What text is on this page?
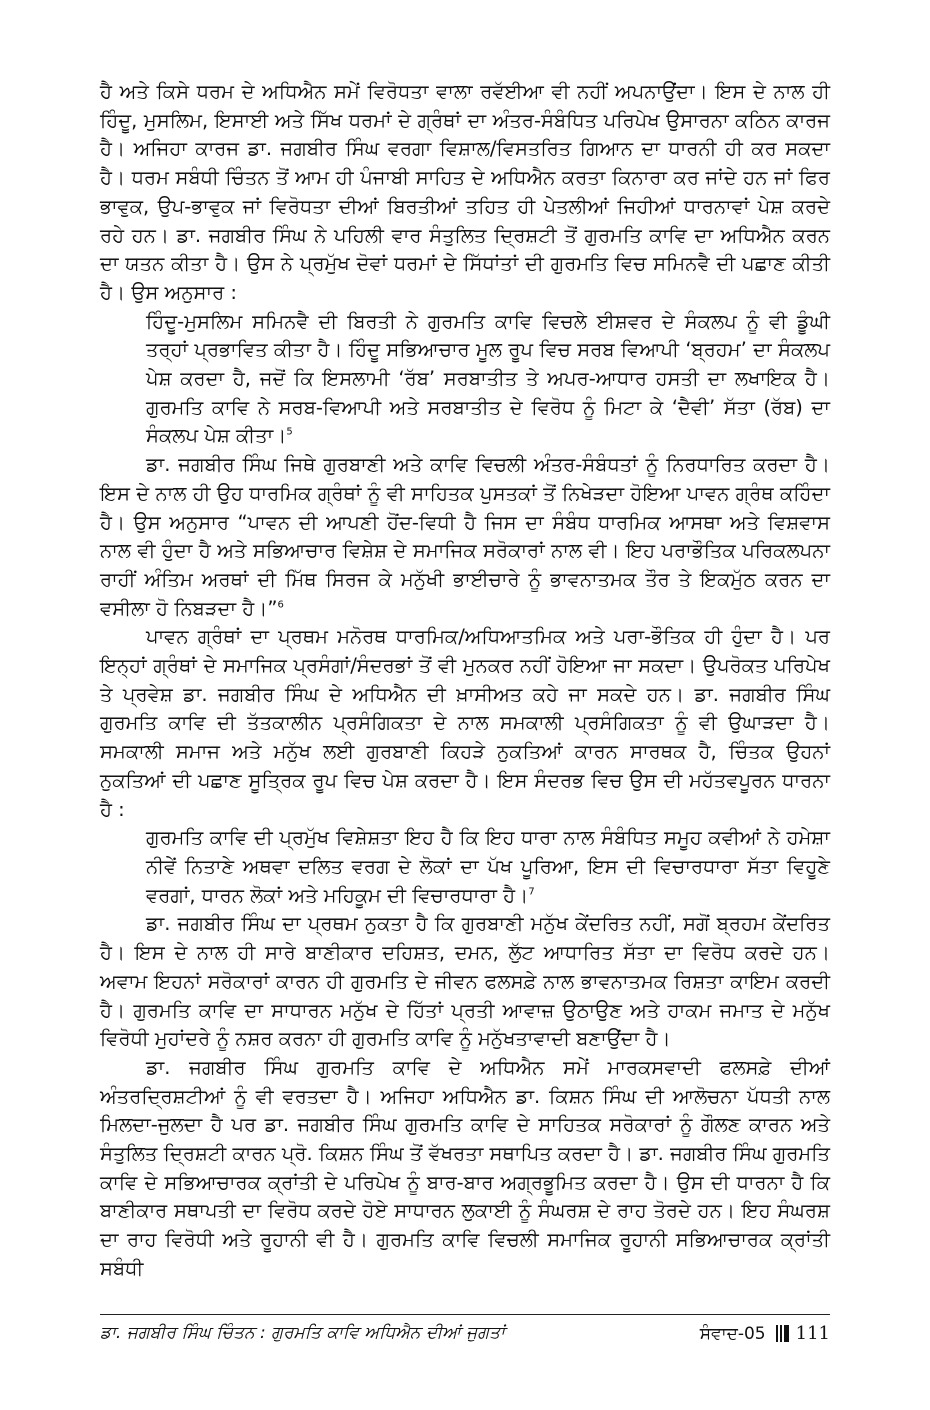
ਹੈ ਅਤੇ ਕਿਸੇ ਧਰਮ ਦੇ ਅਧਿਐਨ ਸਮੇਂ ਵਿਰੋਧਤਾ ਵਾਲਾ ਰਵੱਈਆ ਵੀ ਨਹੀਂ ਅਪਨਾਉਂਦਾ। ਇਸ ਦੇ ਨਾਲ ਹੀ ਹਿੰਦੂ, ਮੁਸਲਿਮ, ਇਸਾਈ ਅਤੇ ਸਿੱਖ ਧਰਮਾਂ ਦੇ ਗ੍ਰੰਥਾਂ ਦਾ ਅੰਤਰ-ਸੰਬੰਧਿਤ ਪਰਿਪੇਖ ਉਸਾਰਨਾ ਕਠਿਨ ਕਾਰਜ ਹੈ। ਅਜਿਹਾ ਕਾਰਜ ਡਾ. ਜਗਬੀਰ ਸਿੰਘ ਵਰਗਾ ਵਿਸ਼ਾਲ/ਵਿਸਤਰਿਤ ਗਿਆਨ ਦਾ ਧਾਰਨੀ ਹੀ ਕਰ ਸਕਦਾ ਹੈ। ਧਰਮ ਸਬੰਧੀ ਚਿੰਤਨ ਤੋਂ ਆਮ ਹੀ ਪੰਜਾਬੀ ਸਾਹਿਤ ਦੇ ਅਧਿਐਨ ਕਰਤਾ ਕਿਨਾਰਾ ਕਰ ਜਾਂਦੇ ਹਨ ਜਾਂ ਫਿਰ ਭਾਵੁਕ, ਉਪ-ਭਾਵੁਕ ਜਾਂ ਵਿਰੋਧਤਾ ਦੀਆਂ ਬਿਰਤੀਆਂ ਤਹਿਤ ਹੀ ਪੇਤਲੀਆਂ ਜਿਹੀਆਂ ਧਾਰਨਾਵਾਂ ਪੇਸ਼ ਕਰਦੇ ਰਹੇ ਹਨ। ਡਾ. ਜਗਬੀਰ ਸਿੰਘ ਨੇ ਪਹਿਲੀ ਵਾਰ ਸੰਤੁਲਿਤ ਦ੍ਰਿਸ਼ਟੀ ਤੋਂ ਗੁਰਮਤਿ ਕਾਵਿ ਦਾ ਅਧਿਐਨ ਕਰਨ ਦਾ ਯਤਨ ਕੀਤਾ ਹੈ। ਉਸ ਨੇ ਪ੍ਰਮੁੱਖ ਦੋਵਾਂ ਧਰਮਾਂ ਦੇ ਸਿੱਧਾਂਤਾਂ ਦੀ ਗੁਰਮਤਿ ਵਿਚ ਸਮਿਨਵੈ ਦੀ ਪਛਾਣ ਕੀਤੀ ਹੈ। ਉਸ ਅਨੁਸਾਰ :

ਹਿੰਦੂ-ਮੁਸਲਿਮ ਸਮਿਨਵੈ ਦੀ ਬਿਰਤੀ ਨੇ ਗੁਰਮਤਿ ਕਾਵਿ ਵਿਚਲੇ ਈਸ਼ਵਰ ਦੇ ਸੰਕਲਪ ਨੂੰ ਵੀ ਡੂੰਘੀ ਤਰ੍ਹਾਂ ਪ੍ਰਭਾਵਿਤ ਕੀਤਾ ਹੈ। ਹਿੰਦੂ ਸਭਿਆਚਾਰ ਮੂਲ ਰੂਪ ਵਿਚ ਸਰਬ ਵਿਆਪੀ ‘ਬ੍ਰਹਮ’ ਦਾ ਸੰਕਲਪ ਪੇਸ਼ ਕਰਦਾ ਹੈ, ਜਦੋਂ ਕਿ ਇਸਲਾਮੀ ‘ਰੱਬ’ ਸਰਬਾਤੀਤ ਤੇ ਅਪਰ-ਆਧਾਰ ਹਸਤੀ ਦਾ ਲਖਾਇਕ ਹੈ। ਗੁਰਮਤਿ ਕਾਵਿ ਨੇ ਸਰਬ-ਵਿਆਪੀ ਅਤੇ ਸਰਬਾਤੀਤ ਦੇ ਵਿਰੋਧ ਨੂੰ ਮਿਟਾ ਕੇ ‘ਦੈਵੀ’ ਸੱਤਾ (ਰੱਬ) ਦਾ ਸੰਕਲਪ ਪੇਸ਼ ਕੀਤਾ।$^5$

ਡਾ. ਜਗਬੀਰ ਸਿੰਘ ਜਿਥੇ ਗੁਰਬਾਣੀ ਅਤੇ ਕਾਵਿ ਵਿਚਲੀ ਅੰਤਰ-ਸੰਬੰਧਤਾਂ ਨੂੰ ਨਿਰਧਾਰਿਤ ਕਰਦਾ ਹੈ। ਇਸ ਦੇ ਨਾਲ ਹੀ ਉਹ ਧਾਰਮਿਕ ਗ੍ਰੰਥਾਂ ਨੂੰ ਵੀ ਸਾਹਿਤਕ ਪੁਸਤਕਾਂ ਤੋਂ ਨਿਖੇੜਦਾ ਹੋਇਆ ਪਾਵਨ ਗ੍ਰੰਥ ਕਹਿੰਦਾ ਹੈ। ਉਸ ਅਨੁਸਾਰ “ਪਾਵਨ ਦੀ ਆਪਣੀ ਹੋਂਦ-ਵਿਧੀ ਹੈ ਜਿਸ ਦਾ ਸੰਬੰਧ ਧਾਰਮਿਕ ਆਸਥਾ ਅਤੇ ਵਿਸ਼ਵਾਸ ਨਾਲ ਵੀ ਹੁੰਦਾ ਹੈ ਅਤੇ ਸਭਿਆਚਾਰ ਵਿਸ਼ੇਸ਼ ਦੇ ਸਮਾਜਿਕ ਸਰੋਕਾਰਾਂ ਨਾਲ ਵੀ। ਇਹ ਪਰਾਭੌਤਿਕ ਪਰਿਕਲਪਨਾ ਰਾਹੀਂ ਅੰਤਿਮ ਅਰਥਾਂ ਦੀ ਮਿੱਥ ਸਿਰਜ ਕੇ ਮਨੁੱਖੀ ਭਾਈਚਾਰੇ ਨੂੰ ਭਾਵਨਾਤਮਕ ਤੌਰ ਤੇ ਇਕਮੁੱਠ ਕਰਨ ਦਾ ਵਸੀਲਾ ਹੋ ਨਿਬੜਦਾ ਹੈ।”$^6$

ਪਾਵਨ ਗ੍ਰੰਥਾਂ ਦਾ ਪ੍ਰਥਮ ਮਨੋਰਥ ਧਾਰਮਿਕ/ਅਧਿਆਤਮਿਕ ਅਤੇ ਪਰਾ-ਭੌਤਿਕ ਹੀ ਹੁੰਦਾ ਹੈ। ਪਰ ਇਨ੍ਹਾਂ ਗ੍ਰੰਥਾਂ ਦੇ ਸਮਾਜਿਕ ਪ੍ਰਸੰਗਾਂ/ਸੰਦਰਭਾਂ ਤੋਂ ਵੀ ਮੁਨਕਰ ਨਹੀਂ ਹੋਇਆ ਜਾ ਸਕਦਾ। ਉਪਰੋਕਤ ਪਰਿਪੇਖ ਤੇ ਪ੍ਰਵੇਸ਼ ਡਾ. ਜਗਬੀਰ ਸਿੰਘ ਦੇ ਅਧਿਐਨ ਦੀ ਖ਼ਾਸੀਅਤ ਕਹੇ ਜਾ ਸਕਦੇ ਹਨ। ਡਾ. ਜਗਬੀਰ ਸਿੰਘ ਗੁਰਮਤਿ ਕਾਵਿ ਦੀ ਤੱਤਕਾਲੀਨ ਪ੍ਰਸੰਗਿਕਤਾ ਦੇ ਨਾਲ ਸਮਕਾਲੀ ਪ੍ਰਸੰਗਿਕਤਾ ਨੂੰ ਵੀ ਉਘਾੜਦਾ ਹੈ। ਸਮਕਾਲੀ ਸਮਾਜ ਅਤੇ ਮਨੁੱਖ ਲਈ ਗੁਰਬਾਣੀ ਕਿਹੜੇ ਨੁਕਤਿਆਂ ਕਾਰਨ ਸਾਰਥਕ ਹੈ, ਚਿੰਤਕ ਉਹਨਾਂ ਨੁਕਤਿਆਂ ਦੀ ਪਛਾਣ ਸੂਤ੍ਰਿਕ ਰੂਪ ਵਿਚ ਪੇਸ਼ ਕਰਦਾ ਹੈ। ਇਸ ਸੰਦਰਭ ਵਿਚ ਉਸ ਦੀ ਮਹੱਤਵਪੂਰਨ ਧਾਰਨਾ ਹੈ :

ਗੁਰਮਤਿ ਕਾਵਿ ਦੀ ਪ੍ਰਮੁੱਖ ਵਿਸ਼ੇਸ਼ਤਾ ਇਹ ਹੈ ਕਿ ਇਹ ਧਾਰਾ ਨਾਲ ਸੰਬੰਧਿਤ ਸਮੂਹ ਕਵੀਆਂ ਨੇ ਹਮੇਸ਼ਾ ਨੀਵੇਂ ਨਿਤਾਣੇ ਅਥਵਾ ਦਲਿਤ ਵਰਗ ਦੇ ਲੋਕਾਂ ਦਾ ਪੱਖ ਪੂਰਿਆ, ਇਸ ਦੀ ਵਿਚਾਰਧਾਰਾ ਸੱਤਾ ਵਿਹੂਣੇ ਵਰਗਾਂ, ਧਾਰਨ ਲੋਕਾਂ ਅਤੇ ਮਹਿਕੂਮ ਦੀ ਵਿਚਾਰਧਾਰਾ ਹੈ।$^7$

ਡਾ. ਜਗਬੀਰ ਸਿੰਘ ਦਾ ਪ੍ਰਥਮ ਨੁਕਤਾ ਹੈ ਕਿ ਗੁਰਬਾਣੀ ਮਨੁੱਖ ਕੇਂਦਰਿਤ ਨਹੀਂ, ਸਗੋਂ ਬ੍ਰਹਮ ਕੇਂਦਰਿਤ ਹੈ। ਇਸ ਦੇ ਨਾਲ ਹੀ ਸਾਰੇ ਬਾਣੀਕਾਰ ਦਹਿਸ਼ਤ, ਦਮਨ, ਲੁੱਟ ਆਧਾਰਿਤ ਸੱਤਾ ਦਾ ਵਿਰੋਧ ਕਰਦੇ ਹਨ। ਅਵਾਮ ਇਹਨਾਂ ਸਰੋਕਾਰਾਂ ਕਾਰਨ ਹੀ ਗੁਰਮਤਿ ਦੇ ਜੀਵਨ ਫਲਸਫ਼ੇ ਨਾਲ ਭਾਵਨਾਤਮਕ ਰਿਸ਼ਤਾ ਕਾਇਮ ਕਰਦੀ ਹੈ। ਗੁਰਮਤਿ ਕਾਵਿ ਦਾ ਸਾਧਾਰਨ ਮਨੁੱਖ ਦੇ ਹਿੱਤਾਂ ਪ੍ਰਤੀ ਆਵਾਜ਼ ਉਠਾਉਣ ਅਤੇ ਹਾਕਮ ਜਮਾਤ ਦੇ ਮਨੁੱਖ ਵਿਰੋਧੀ ਮੁਹਾਂਦਰੇ ਨੂੰ ਨਸ਼ਰ ਕਰਨਾ ਹੀ ਗੁਰਮਤਿ ਕਾਵਿ ਨੂੰ ਮਨੁੱਖਤਾਵਾਦੀ ਬਣਾਉਂਦਾ ਹੈ।

ਡਾ. ਜਗਬੀਰ ਸਿੰਘ ਗੁਰਮਤਿ ਕਾਵਿ ਦੇ ਅਧਿਐਨ ਸਮੇਂ ਮਾਰਕਸਵਾਦੀ ਫਲਸਫ਼ੇ ਦੀਆਂ ਅੰਤਰਦ੍ਰਿਸ਼ਟੀਆਂ ਨੂੰ ਵੀ ਵਰਤਦਾ ਹੈ। ਅਜਿਹਾ ਅਧਿਐਨ ਡਾ. ਕਿਸ਼ਨ ਸਿੰਘ ਦੀ ਆਲੋਚਨਾ ਪੱਧਤੀ ਨਾਲ ਮਿਲਦਾ-ਜੁਲਦਾ ਹੈ ਪਰ ਡਾ. ਜਗਬੀਰ ਸਿੰਘ ਗੁਰਮਤਿ ਕਾਵਿ ਦੇ ਸਾਹਿਤਕ ਸਰੋਕਾਰਾਂ ਨੂੰ ਗੌਲਣ ਕਾਰਨ ਅਤੇ ਸੰਤੁਲਿਤ ਦ੍ਰਿਸ਼ਟੀ ਕਾਰਨ ਪ੍ਰੋ. ਕਿਸ਼ਨ ਸਿੰਘ ਤੋਂ ਵੱਖਰਤਾ ਸਥਾਪਿਤ ਕਰਦਾ ਹੈ। ਡਾ. ਜਗਬੀਰ ਸਿੰਘ ਗੁਰਮਤਿ ਕਾਵਿ ਦੇ ਸਭਿਆਚਾਰਕ ਕ੍ਰਾਂਤੀ ਦੇ ਪਰਿਪੇਖ ਨੂੰ ਬਾਰ-ਬਾਰ ਅਗ੍ਰਭੂਮਿਤ ਕਰਦਾ ਹੈ। ਉਸ ਦੀ ਧਾਰਨਾ ਹੈ ਕਿ ਬਾਣੀਕਾਰ ਸਥਾਪਤੀ ਦਾ ਵਿਰੋਧ ਕਰਦੇ ਹੋਏ ਸਾਧਾਰਨ ਲੁਕਾਈ ਨੂੰ ਸੰਘਰਸ਼ ਦੇ ਰਾਹ ਤੋਰਦੇ ਹਨ। ਇਹ ਸੰਘਰਸ਼ ਦਾ ਰਾਹ ਵਿਰੋਧੀ ਅਤੇ ਰੂਹਾਨੀ ਵੀ ਹੈ। ਗੁਰਮਤਿ ਕਾਵਿ ਵਿਚਲੀ ਸਮਾਜਿਕ ਰੂਹਾਨੀ ਸਭਿਆਚਾਰਕ ਕ੍ਰਾਂਤੀ ਸਬੰਧੀ

ਡਾ. ਜਗਬੀਰ ਸਿੰਘ ਚਿੰਤਨ : ਗੁਰਮਤਿ ਕਾਵਿ ਅਧਿਐਨ ਦੀਆਂ ਜੁਗਤਾਂ	ਸੰਵਾਦ-05 111
